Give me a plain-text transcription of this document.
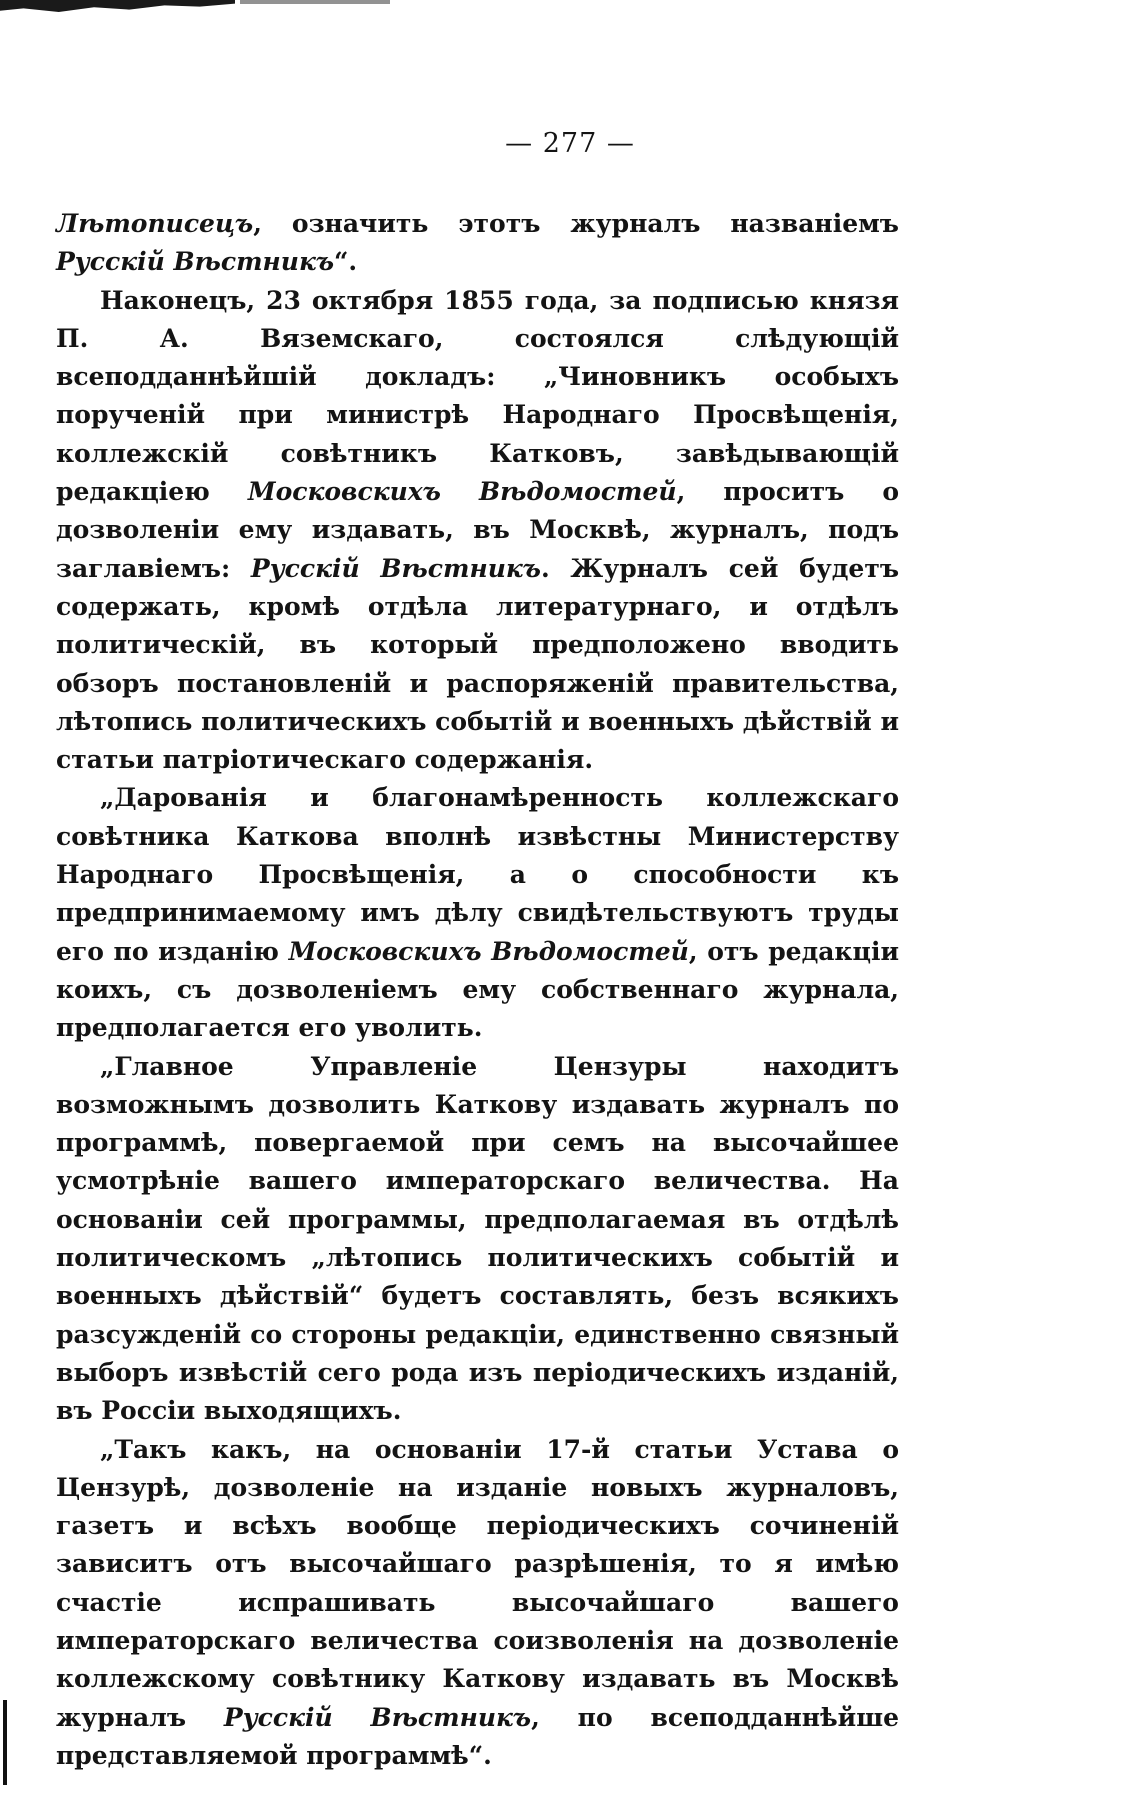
— 277 —

Лѣтописецъ, означить этотъ журналъ названіемъ Русскій Вѣстникъ“.

Наконецъ, 23 октября 1855 года, за подписью князя П. А. Вяземскаго, состоялся слѣдующій всеподданнѣйшій докладъ: „Чиновникъ особыхъ порученій при министрѣ Народнаго Просвѣщенія, коллежскій совѣтникъ Катковъ, завѣдывающій редакціею Московскихъ Вѣдомостей, проситъ о дозволеніи ему издавать, въ Москвѣ, журналъ, подъ заглавіемъ: Русскій Вѣстникъ. Журналъ сей будетъ содержать, кромѣ отдѣла литературнаго, и отдѣлъ политическій, въ который предположено вводить обзоръ постановленій и распоряженій правительства, лѣтопись политическихъ событій и военныхъ дѣйствій и статьи патріотическаго содержанія.

„Дарованія и благонамѣренность коллежскаго совѣтника Каткова вполнѣ извѣстны Министерству Народнаго Просвѣщенія, а о способности къ предпринимаемому имъ дѣлу свидѣтельствуютъ труды его по изданію Московскихъ Вѣдомостей, отъ редакціи коихъ, съ дозволеніемъ ему собственнаго журнала, предполагается его уволить.

„Главное Управленіе Цензуры находитъ возможнымъ дозволить Каткову издавать журналъ по программѣ, повергаемой при семъ на высочайшее усмотрѣніе вашего императорскаго величества. На основаніи сей программы, предполагаемая въ отдѣлѣ политическомъ „лѣтопись политическихъ событій и военныхъ дѣйствій“ будетъ составлять, безъ всякихъ разсужденій со стороны редакціи, единственно связный выборъ извѣстій сего рода изъ періодическихъ изданій, въ Россіи выходящихъ.

„Такъ какъ, на основаніи 17-й статьи Устава о Цензурѣ, дозволеніе на изданіе новыхъ журналовъ, газетъ и всѣхъ вообще періодическихъ сочиненій зависитъ отъ высочайшаго разрѣшенія, то я имѣю счастіе испрашивать высочайшаго вашего императорскаго величества соизволенія на дозволеніе коллежскому совѣтнику Каткову издавать въ Москвѣ журналъ Русскій Вѣстникъ, по всеподданнѣйше представляемой программѣ“.
